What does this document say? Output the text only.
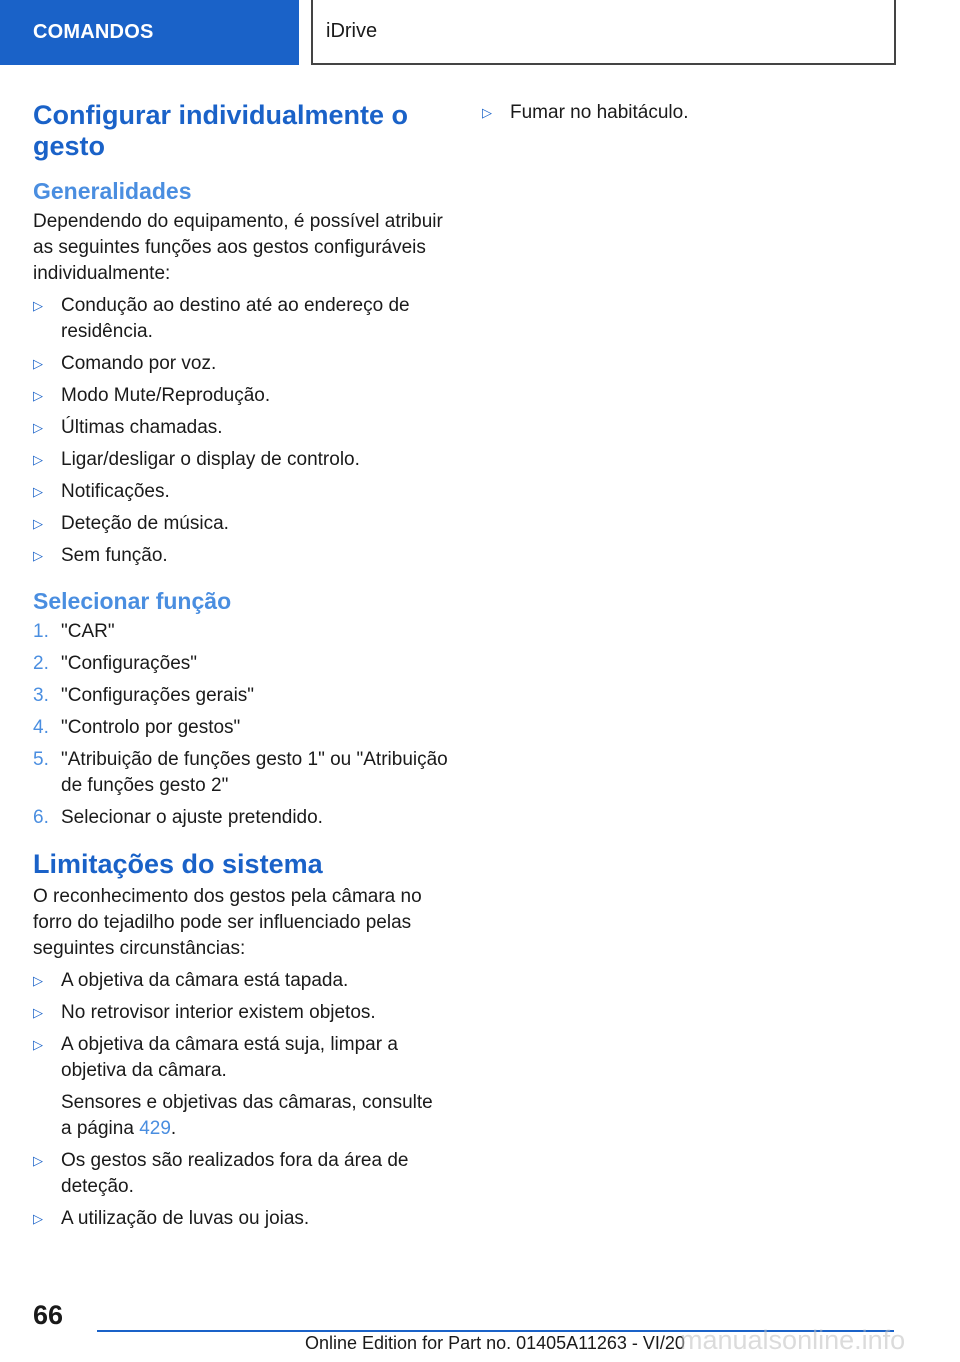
COMANDOS	iDrive
Configurar individualmente o gesto
Generalidades

Dependendo do equipamento, é possível atribuir as seguintes funções aos gestos configuráveis individualmente:

▷ Condução ao destino até ao endereço de residência.
▷ Comando por voz.
▷ Modo Mute/Reprodução.
▷ Últimas chamadas.
▷ Ligar/desligar o display de controlo.
▷ Notificações.
▷ Deteção de música.
▷ Sem função.
Selecionar função
1. "CAR"
2. "Configurações"
3. "Configurações gerais"
4. "Controlo por gestos"
5. "Atribuição de funções gesto 1" ou "Atribuição de funções gesto 2"
6. Selecionar o ajuste pretendido.
Limitações do sistema

O reconhecimento dos gestos pela câmara no forro do tejadilho pode ser influenciado pelas seguintes circunstâncias:

▷ A objetiva da câmara está tapada.
▷ No retrovisor interior existem objetos.
▷ A objetiva da câmara está suja, limpar a objetiva da câmara.
Sensores e objetivas das câmaras, consulte a página 429.
▷ Os gestos são realizados fora da área de deteção.
▷ A utilização de luvas ou joias.
▷ Fumar no habitáculo.
66
Online Edition for Part no. 01405A11263 - VI/20
manualsonline.info
